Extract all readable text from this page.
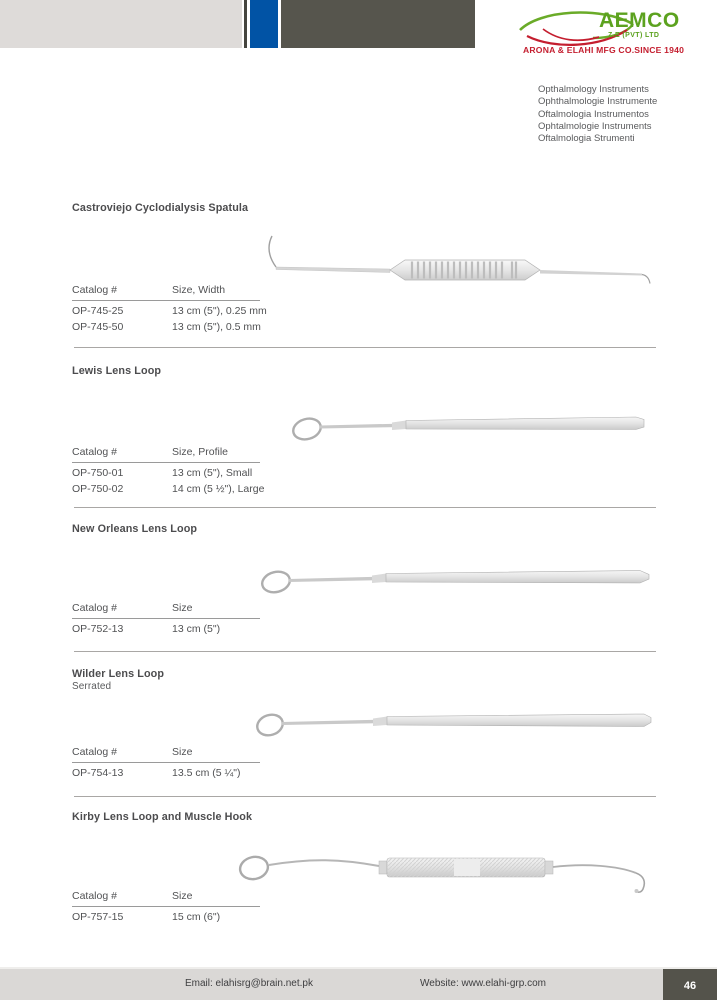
AEMCO
Z.E (PVT) LTD
ARONA & ELAHI MFG CO.SINCE 1940
Opthalmology Instruments
Ophthalmologie Instrumente
Oftalmologia Instrumentos
Ophtalmologie Instruments
Oftalmologia Strumenti
Castroviejo Cyclodialysis Spatula
Catalog #	Size, Width
OP-745-25	13 cm (5"), 0.25 mm
OP-745-50	13 cm (5"), 0.5 mm
Lewis Lens Loop
Catalog #	Size, Profile
OP-750-01	13 cm (5"), Small
OP-750-02	14 cm (5 ½"), Large
New Orleans Lens Loop
Catalog #	Size
OP-752-13	13 cm (5")
Wilder Lens Loop
Serrated
Catalog #	Size
OP-754-13	13.5 cm (5 ¼")
Kirby Lens Loop and Muscle Hook
Catalog #	Size
OP-757-15	15 cm (6")
Email: elahisrg@brain.net.pk	Website: www.elahi-grp.com	46
